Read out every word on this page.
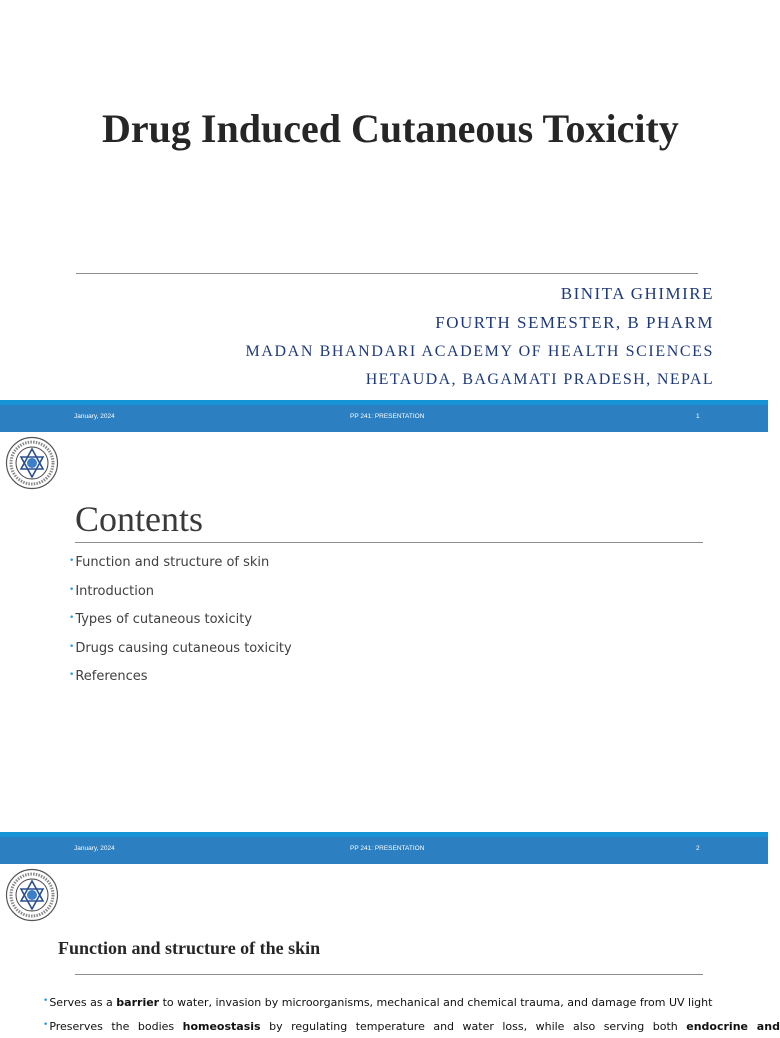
Drug Induced Cutaneous Toxicity
BINITA GHIMIRE
FOURTH SEMESTER, B PHARM
MADAN BHANDARI ACADEMY OF HEALTH SCIENCES
HETAUDA, BAGAMATI PRADESH, NEPAL
January, 2024	PP 241: PRESENTATION	1
Contents
•Function and structure of skin
•Introduction
•Types of cutaneous toxicity
•Drugs causing cutaneous toxicity
•References
January, 2024	PP 241: PRESENTATION	2
Function and structure of the skin

•Serves as a barrier to water, invasion by microorganisms, mechanical and chemical trauma, and damage from UV light

•Preserves the bodies homeostasis by regulating temperature and water loss, while also serving both endocrine and
